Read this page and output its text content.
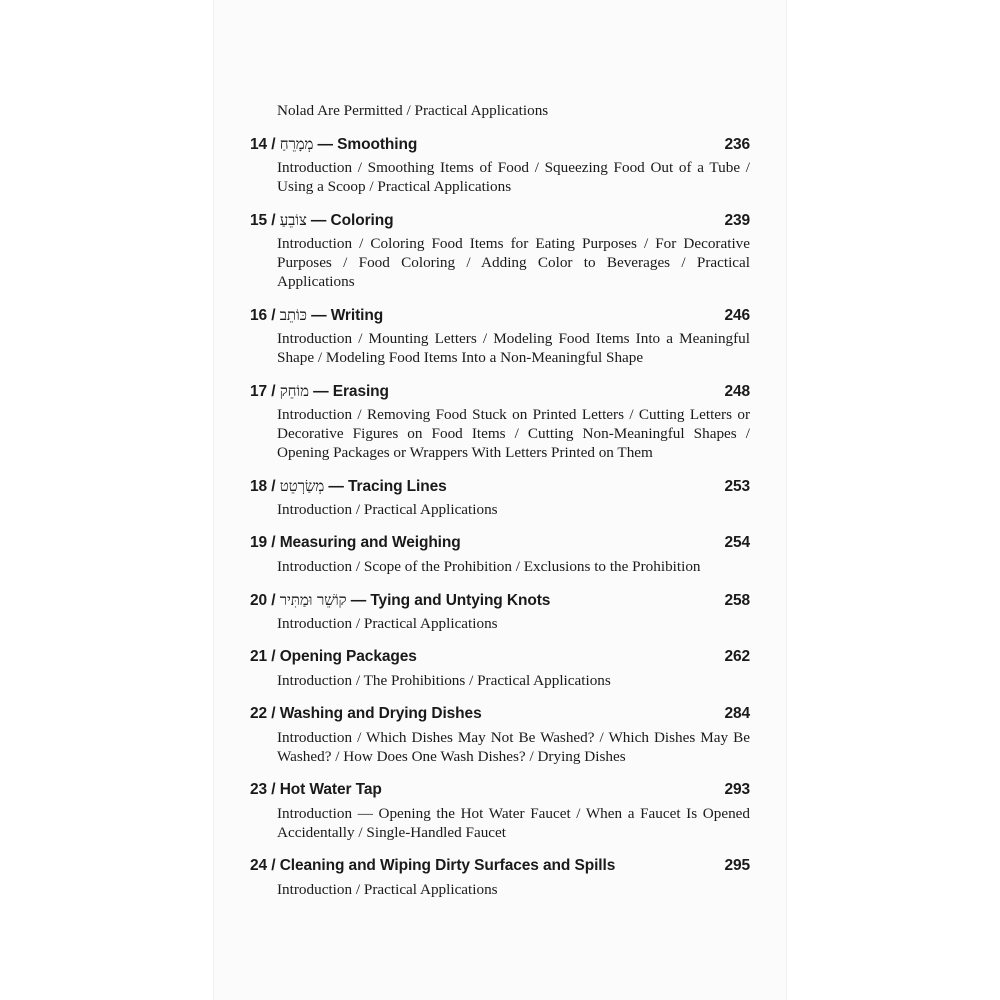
Nolad Are Permitted / Practical Applications
14 / מְמָרֵחַ — Smoothing	236
Introduction / Smoothing Items of Food / Squeezing Food Out of a Tube / Using a Scoop / Practical Applications
15 / צוֹבֵעַ — Coloring	239
Introduction / Coloring Food Items for Eating Purposes / For Decorative Purposes / Food Coloring / Adding Color to Beverages / Practical Applications
16 / כּוֹתֵב — Writing	246
Introduction / Mounting Letters / Modeling Food Items Into a Meaningful Shape / Modeling Food Items Into a Non-Meaningful Shape
17 / מוֹחֵק — Erasing	248
Introduction / Removing Food Stuck on Printed Letters / Cutting Letters or Decorative Figures on Food Items / Cutting Non-Meaningful Shapes / Opening Packages or Wrappers With Letters Printed on Them
18 / מְשַׂרְטֵט — Tracing Lines	253
Introduction / Practical Applications
19 / Measuring and Weighing	254
Introduction / Scope of the Prohibition / Exclusions to the Prohibition
20 / קוֹשֵׁר וּמַתִּיר — Tying and Untying Knots	258
Introduction / Practical Applications
21 / Opening Packages	262
Introduction / The Prohibitions / Practical Applications
22 / Washing and Drying Dishes	284
Introduction / Which Dishes May Not Be Washed? / Which Dishes May Be Washed? / How Does One Wash Dishes? / Drying Dishes
23 / Hot Water Tap	293
Introduction — Opening the Hot Water Faucet / When a Faucet Is Opened Accidentally / Single-Handled Faucet
24 / Cleaning and Wiping Dirty Surfaces and Spills	295
Introduction / Practical Applications
